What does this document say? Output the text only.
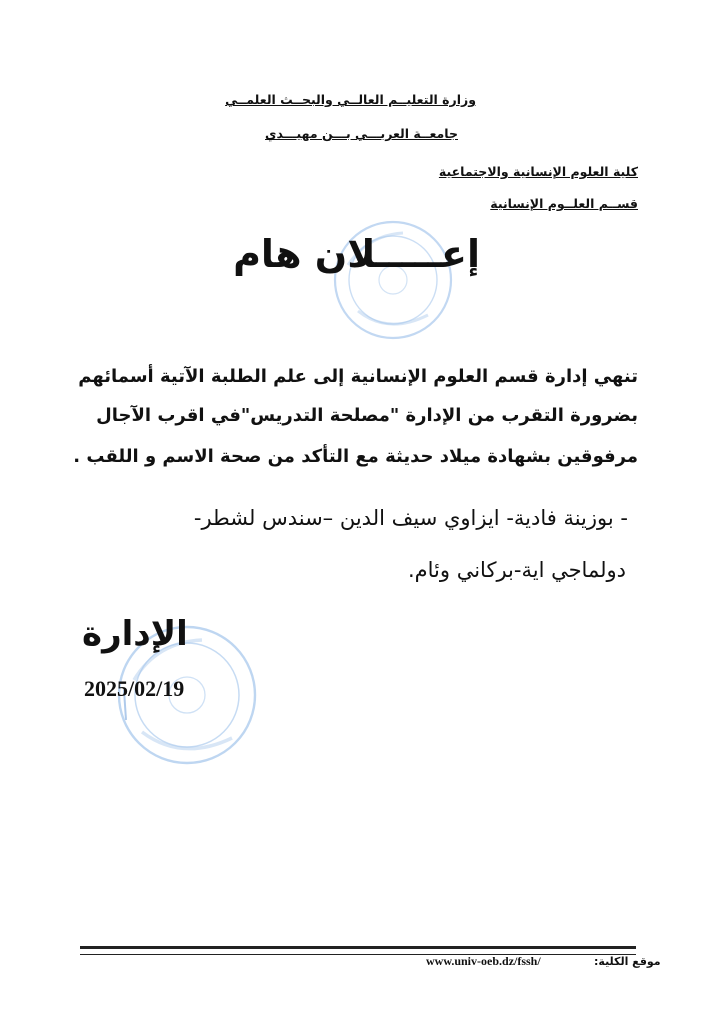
وزارة التعليــم العالــي والبحــث العلمــي
جامعــة العربـــي بـــن مهيـــدي
كلية العلوم الإنسانية والاجتماعية
قســم العلــوم الإنسانية
إعـــــلان هام
تنهي إدارة قسم العلوم الإنسانية إلى علم الطلبة الآتية أسمائهم
بضرورة التقرب من الإدارة "مصلحة التدريس"في اقرب الآجال
مرفوقين بشهادة ميلاد حديثة مع التأكد من صحة الاسم و اللقب .
- بوزينة فادية- ايزاوي سيف الدين –سندس لشطر-
دولماجي اية-بركاني وئام.
الإدارة
2025/02/19
www.univ-oeb.dz/fssh/	موقع الكلية:
